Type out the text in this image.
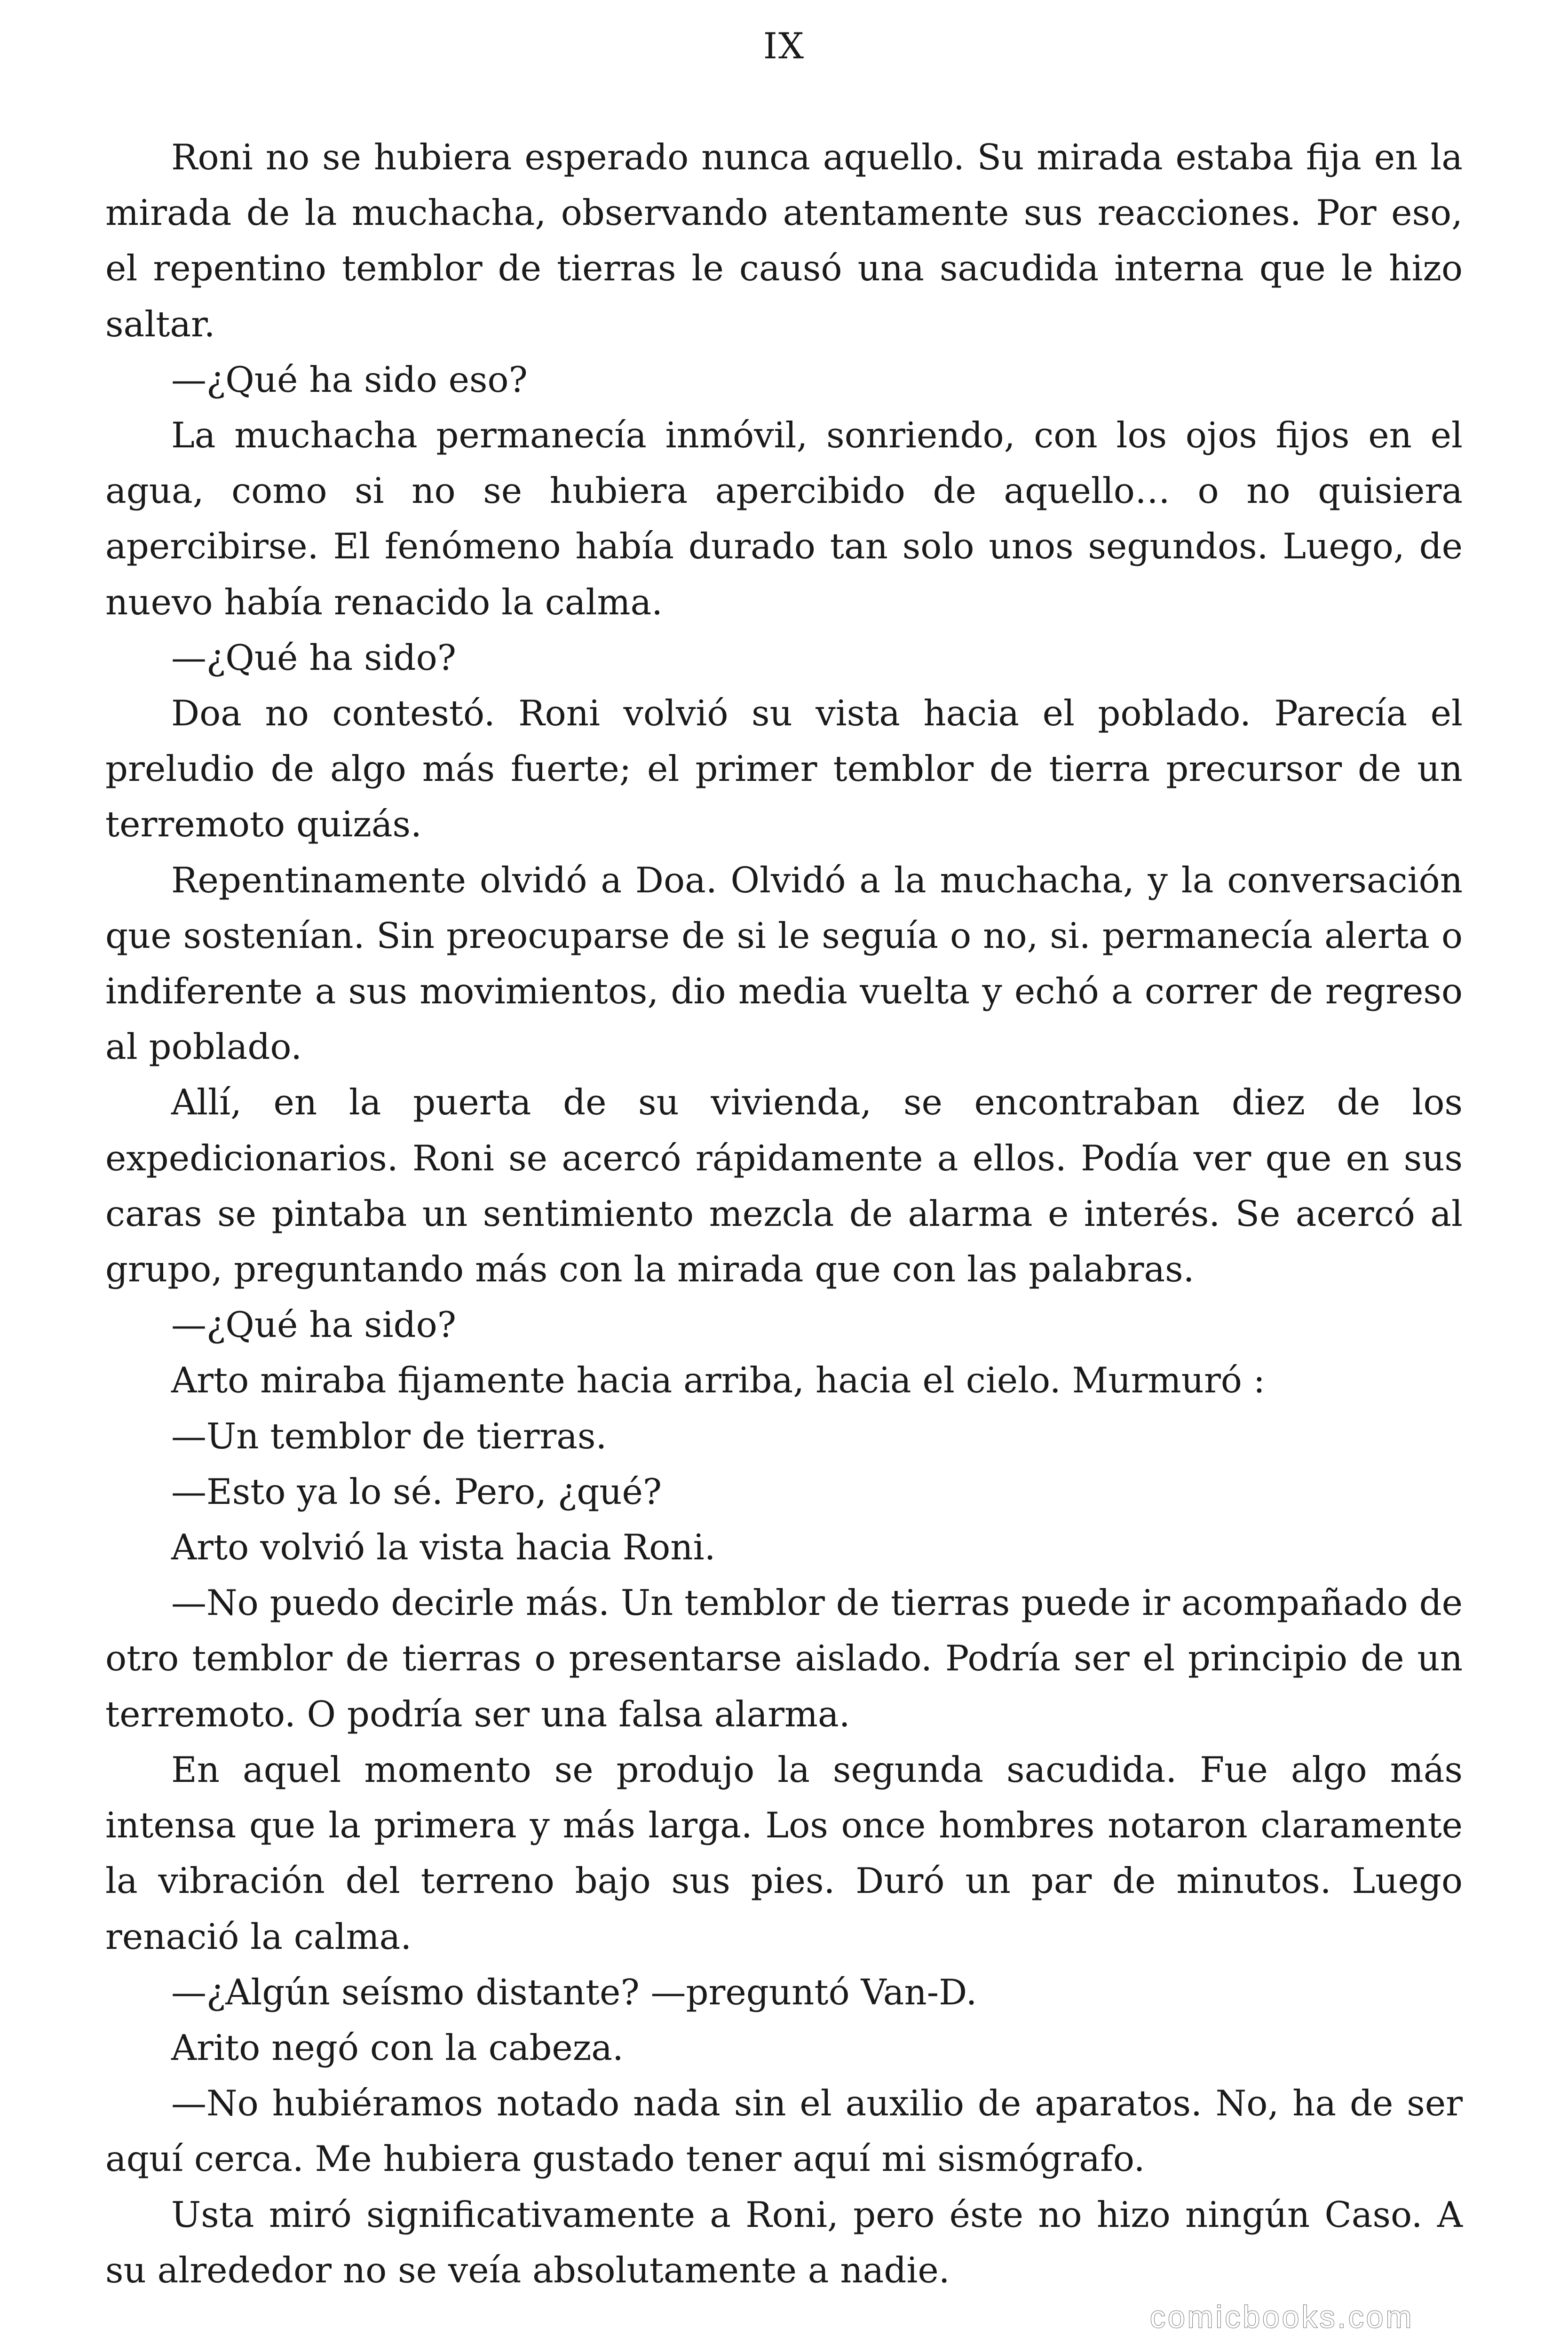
IX

Roni no se hubiera esperado nunca aquello. Su mirada estaba fija en la mirada de la muchacha, observando atentamente sus reacciones. Por eso, el repentino temblor de tierras le causó una sacudida interna que le hizo saltar.

—¿Qué ha sido eso?

La muchacha permanecía inmóvil, sonriendo, con los ojos fijos en el agua, como si no se hubiera apercibido de aquello… o no quisiera apercibirse. El fenómeno había durado tan solo unos segundos. Luego, de nuevo había renacido la calma.

—¿Qué ha sido?

Doa no contestó. Roni volvió su vista hacia el poblado. Parecía el preludio de algo más fuerte; el primer temblor de tierra precursor de un terremoto quizás.

Repentinamente olvidó a Doa. Olvidó a la muchacha, y la conversación que sostenían. Sin preocuparse de si le seguía o no, si. permanecía alerta o indiferente a sus movimientos, dio media vuelta y echó a correr de regreso al poblado.

Allí, en la puerta de su vivienda, se encontraban diez de los expedicionarios. Roni se acercó rápidamente a ellos. Podía ver que en sus caras se pintaba un sentimiento mezcla de alarma e interés. Se acercó al grupo, preguntando más con la mirada que con las palabras.

—¿Qué ha sido?

Arto miraba fijamente hacia arriba, hacia el cielo. Murmuró :

—Un temblor de tierras.

—Esto ya lo sé. Pero, ¿qué?

Arto volvió la vista hacia Roni.

—No puedo decirle más. Un temblor de tierras puede ir acompañado de otro temblor de tierras o presentarse aislado. Podría ser el principio de un terremoto. O podría ser una falsa alarma.

En aquel momento se produjo la segunda sacudida. Fue algo más intensa que la primera y más larga. Los once hombres notaron claramente la vibración del terreno bajo sus pies. Duró un par de minutos. Luego renació la calma.

—¿Algún seísmo distante? —preguntó Van-D.

Arito negó con la cabeza.

—No hubiéramos notado nada sin el auxilio de aparatos. No, ha de ser aquí cerca. Me hubiera gustado tener aquí mi sismógrafo.

Usta miró significativamente a Roni, pero éste no hizo ningún Caso. A su alrededor no se veía absolutamente a nadie.

comicbooks.com
